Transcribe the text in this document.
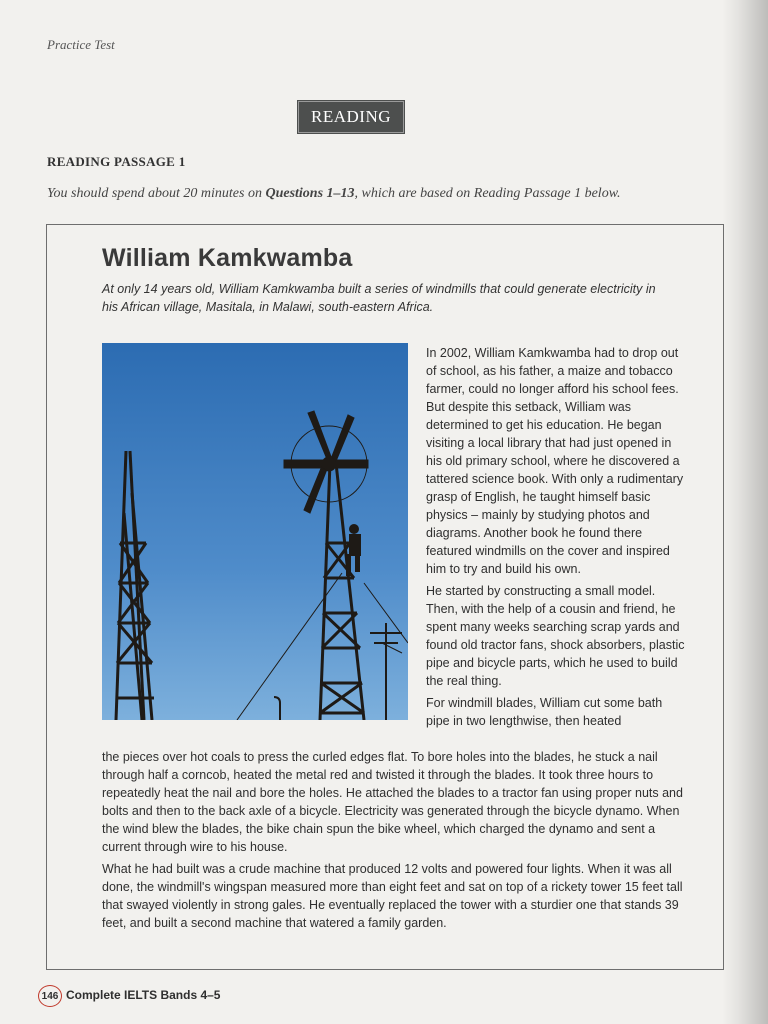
Practice Test
READING
READING PASSAGE 1
You should spend about 20 minutes on Questions 1–13, which are based on Reading Passage 1 below.
William Kamkwamba
At only 14 years old, William Kamkwamba built a series of windmills that could generate electricity in his African village, Masitala, in Malawi, south-eastern Africa.

In 2002, William Kamkwamba had to drop out of school, as his father, a maize and tobacco farmer, could no longer afford his school fees. But despite this setback, William was determined to get his education. He began visiting a local library that had just opened in his old primary school, where he discovered a tattered science book. With only a rudimentary grasp of English, he taught himself basic physics – mainly by studying photos and diagrams. Another book he found there featured windmills on the cover and inspired him to try and build his own.

He started by constructing a small model. Then, with the help of a cousin and friend, he spent many weeks searching scrap yards and found old tractor fans, shock absorbers, plastic pipe and bicycle parts, which he used to build the real thing.

For windmill blades, William cut some bath pipe in two lengthwise, then heated

the pieces over hot coals to press the curled edges flat. To bore holes into the blades, he stuck a nail through half a corncob, heated the metal red and twisted it through the blades. It took three hours to repeatedly heat the nail and bore the holes. He attached the blades to a tractor fan using proper nuts and bolts and then to the back axle of a bicycle. Electricity was generated through the bicycle dynamo. When the wind blew the blades, the bike chain spun the bike wheel, which charged the dynamo and sent a current through wire to his house.

What he had built was a crude machine that produced 12 volts and powered four lights. When it was all done, the windmill's wingspan measured more than eight feet and sat on top of a rickety tower 15 feet tall that swayed violently in strong gales. He eventually replaced the tower with a sturdier one that stands 39 feet, and built a second machine that watered a family garden.

146 Complete IELTS Bands 4–5
